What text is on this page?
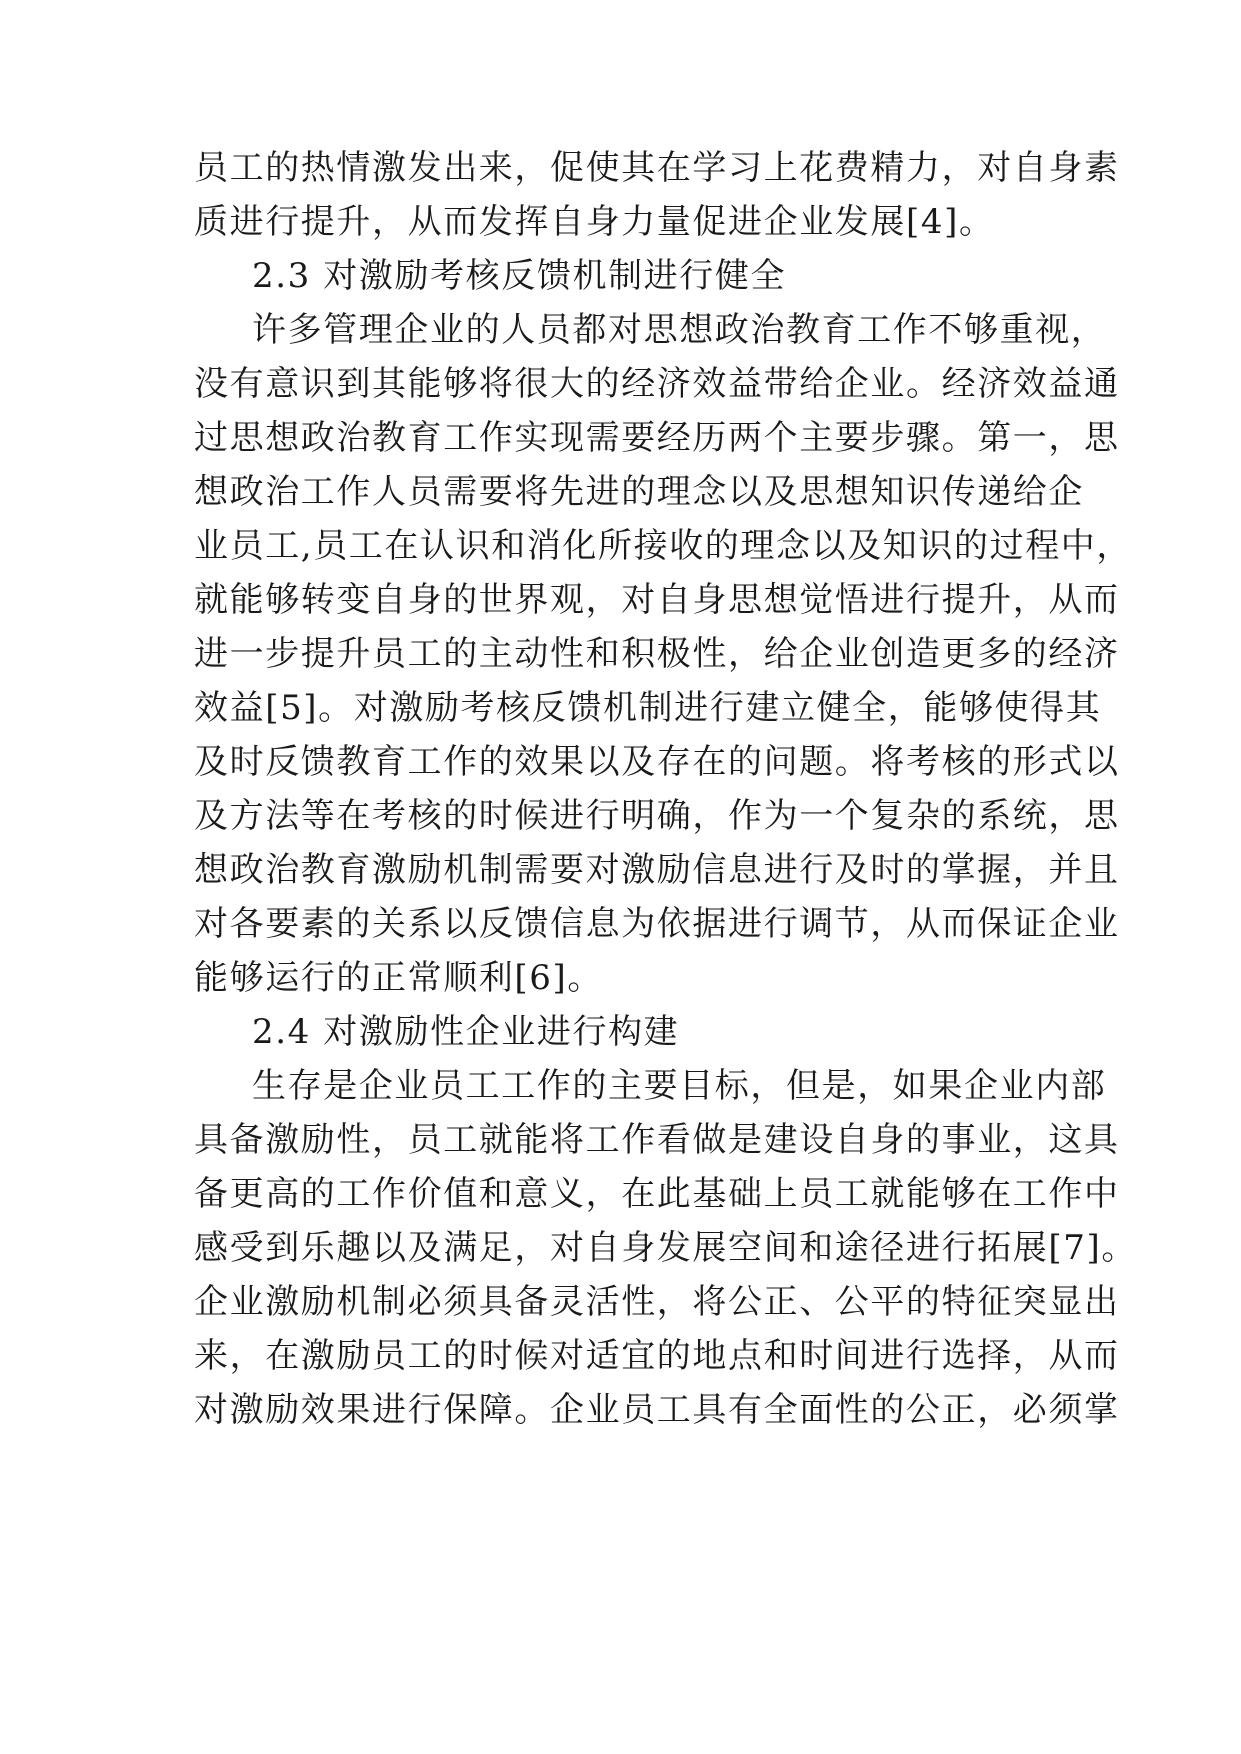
员工的热情激发出来，促使其在学习上花费精力，对自身素
质进行提升，从而发挥自身力量促进企业发展[4]。
2.3 对激励考核反馈机制进行健全
许多管理企业的人员都对思想政治教育工作不够重视，
没有意识到其能够将很大的经济效益带给企业。经济效益通
过思想政治教育工作实现需要经历两个主要步骤。第一，思
想政治工作人员需要将先进的理念以及思想知识传递给企
业员工,员工在认识和消化所接收的理念以及知识的过程中，
就能够转变自身的世界观，对自身思想觉悟进行提升，从而
进一步提升员工的主动性和积极性，给企业创造更多的经济
效益[5]。对激励考核反馈机制进行建立健全，能够使得其
及时反馈教育工作的效果以及存在的问题。将考核的形式以
及方法等在考核的时候进行明确，作为一个复杂的系统，思
想政治教育激励机制需要对激励信息进行及时的掌握，并且
对各要素的关系以反馈信息为依据进行调节，从而保证企业
能够运行的正常顺利[6]。
2.4 对激励性企业进行构建
生存是企业员工工作的主要目标，但是，如果企业内部
具备激励性，员工就能将工作看做是建设自身的事业，这具
备更高的工作价值和意义，在此基础上员工就能够在工作中
感受到乐趣以及满足，对自身发展空间和途径进行拓展[7]。
企业激励机制必须具备灵活性，将公正、公平的特征突显出
来，在激励员工的时候对适宜的地点和时间进行选择，从而
对激励效果进行保障。企业员工具有全面性的公正，必须掌
